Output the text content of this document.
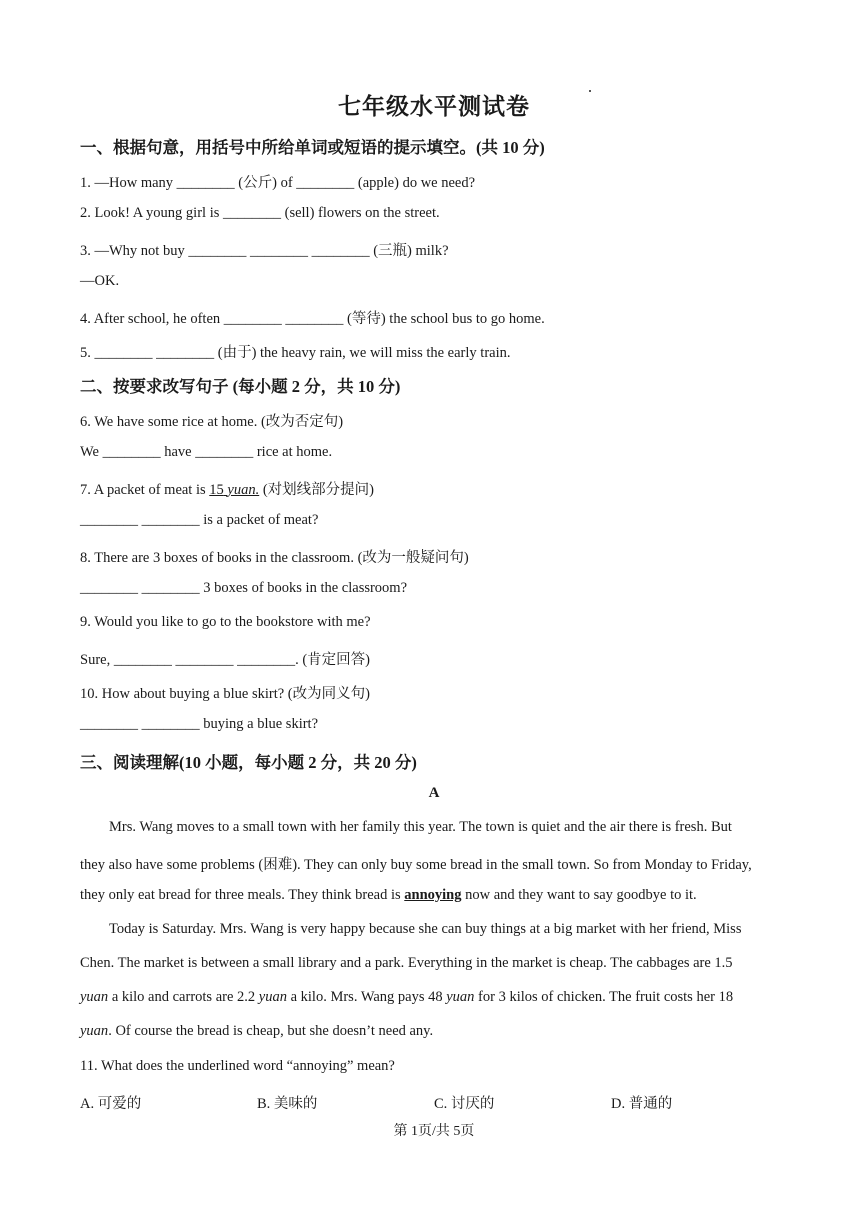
七年级水平测试卷
一、根据句意，用括号中所给单词或短语的提示填空。(共 10 分)
1. —How many ________ (公斤) of ________ (apple) do we need?
2. Look! A young girl is ________ (sell) flowers on the street.
3. —Why not buy ________ ________ ________ (三瓶) milk?
—OK.
4. After school, he often ________ ________ (等待) the school bus to go home.
5. ________ ________ (由于) the heavy rain, we will miss the early train.
二、按要求改写句子 (每小题 2 分，共 10 分)
6. We have some rice at home. (改为否定句)
We ________ have ________ rice at home.
7. A packet of meat is 15 yuan. (对划线部分提问)
________ ________ is a packet of meat?
8. There are 3 boxes of books in the classroom. (改为一般疑问句)
________ ________ 3 boxes of books in the classroom?
9. Would you like to go to the bookstore with me?
Sure, ________ ________ ________. (肯定回答)
10. How about buying a blue skirt? (改为同义句)
________ ________ buying a blue skirt?
三、阅读理解(10 小题，每小题 2 分，共 20 分)
A
Mrs. Wang moves to a small town with her family this year. The town is quiet and the air there is fresh. But
they also have some problems (困难). They can only buy some bread in the small town. So from Monday to Friday,
they only eat bread for three meals. They think bread is annoying now and they want to say goodbye to it.
Today is Saturday. Mrs. Wang is very happy because she can buy things at a big market with her friend, Miss
Chen. The market is between a small library and a park. Everything in the market is cheap. The cabbages are 1.5
yuan a kilo and carrots are 2.2 yuan a kilo. Mrs. Wang pays 48 yuan for 3 kilos of chicken. The fruit costs her 18
yuan. Of course the bread is cheap, but she doesn’t need any.
11. What does the underlined word “annoying” mean?
A. 可爱的	B. 美味的	C. 讨厌的	D. 普通的
第 1页/共 5页
